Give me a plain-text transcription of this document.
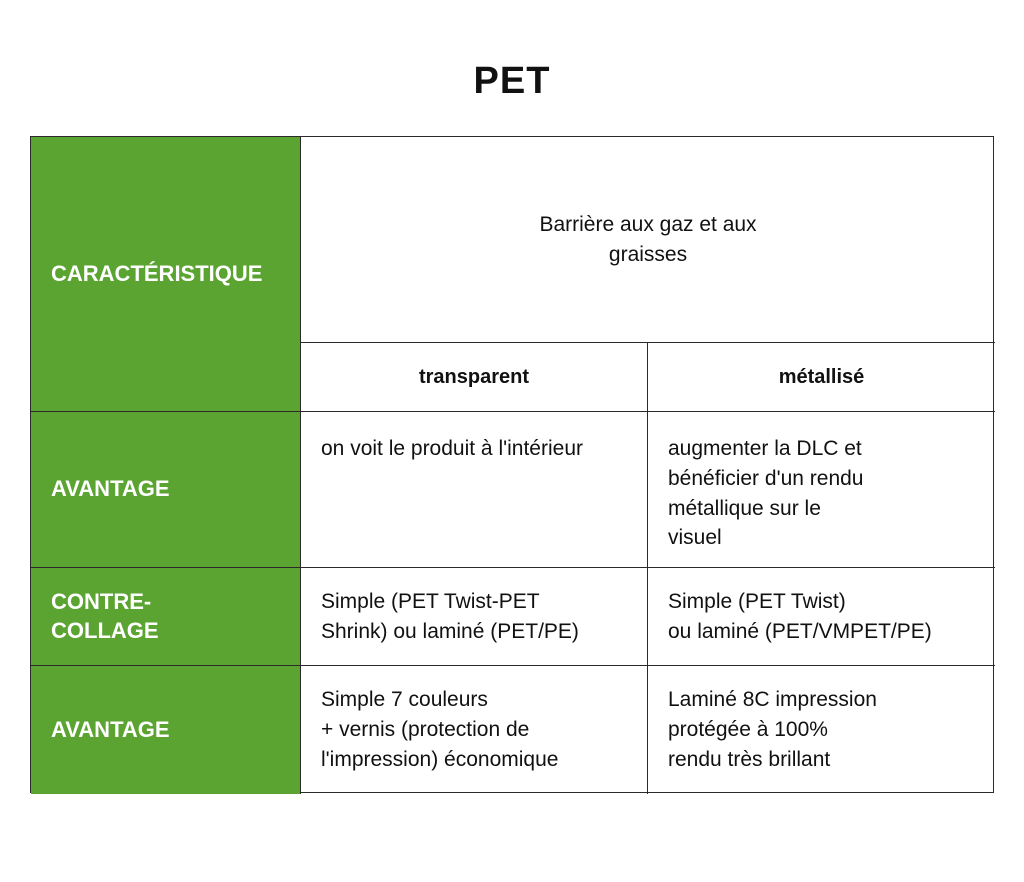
PET
CARACTÉRISTIQUE
Barrière aux gaz et aux graisses
transparent	métallisé
AVANTAGE
on voit le produit à l'intérieur	augmenter la DLC et
bénéficier d'un rendu
métallique sur le
visuel
CONTRE-
COLLAGE
Simple (PET Twist-PET
Shrink) ou laminé (PET/PE)
Simple (PET Twist)
ou laminé (PET/VMPET/PE)
AVANTAGE
Simple 7 couleurs
+ vernis (protection de
l'impression) économique
Laminé 8C impression
protégée à 100%
rendu très brillant
